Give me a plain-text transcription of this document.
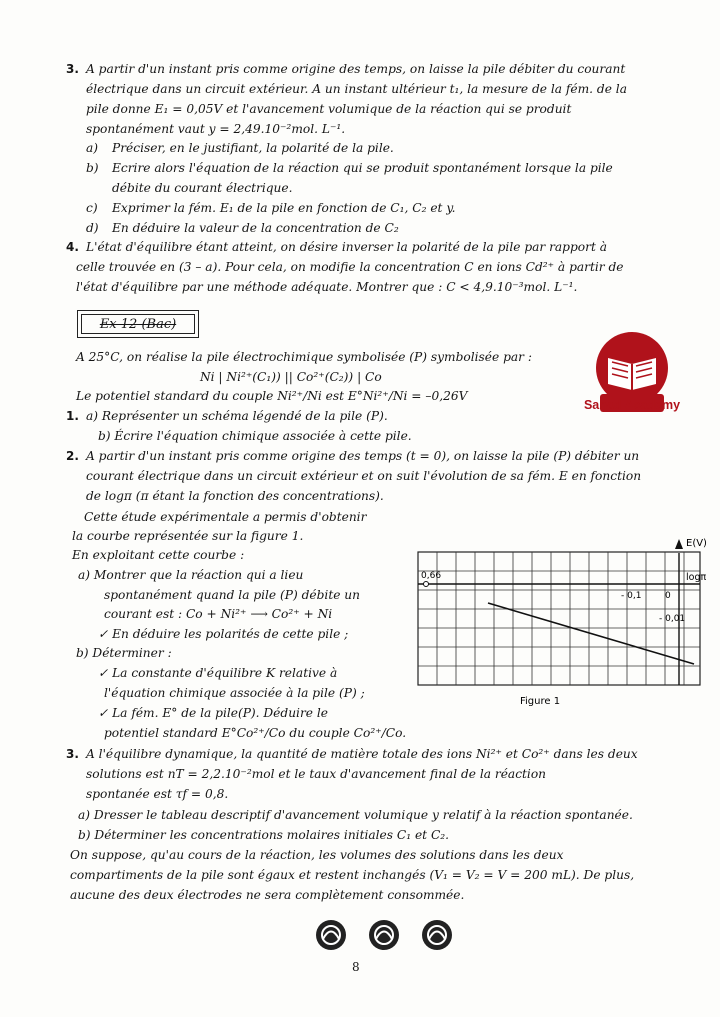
3. A partir d'un instant pris comme origine des temps, on laisse la pile débiter du courant
électrique dans un circuit extérieur. A un instant ultérieur t₁, la mesure de la fém. de la
pile donne E₁ = 0,05V et l'avancement volumique de la réaction qui se produit
spontanément vaut y = 2,49.10⁻²mol. L⁻¹.
a) Préciser, en le justifiant, la polarité de la pile.
b) Ecrire alors l'équation de la réaction qui se produit spontanément lorsque la pile
débite du courant électrique.
c) Exprimer la fém. E₁ de la pile en fonction de C₁, C₂ et y.
d) En déduire la valeur de la concentration de C₂
4. L'état d'équilibre étant atteint, on désire inverser la polarité de la pile par rapport à
celle trouvée en (3 – a). Pour cela, on modifie la concentration C en ions Cd²⁺ à partir de
l'état d'équilibre par une méthode adéquate. Montrer que : C < 4,9.10⁻³mol. L⁻¹.
Ex 12 (Bac)
Sanad Academy
A 25°C, on réalise la pile électrochimique symbolisée (P) symbolisée par :
Ni | Ni²⁺(C₁)) || Co²⁺(C₂)) | Co
Le potentiel standard du couple Ni²⁺/Ni est E°Ni²⁺/Ni = –0,26V
1. a) Représenter un schéma légendé de la pile (P).
b) Écrire l'équation chimique associée à cette pile.
2. A partir d'un instant pris comme origine des temps (t = 0), on laisse la pile (P) débiter un
courant électrique dans un circuit extérieur et on suit l'évolution de sa fém. E en fonction
de logπ (π étant la fonction des concentrations).
Cette étude expérimentale a permis d'obtenir
la courbe représentée sur la figure 1.
En exploitant cette courbe :
a) Montrer que la réaction qui a lieu
spontanément quand la pile (P) débite un
courant est : Co + Ni²⁺ ⟶ Co²⁺ + Ni
✓ En déduire les polarités de cette pile ;
b) Déterminer :
✓ La constante d'équilibre K relative à
l'équation chimique associée à la pile (P) ;
✓ La fém. E° de la pile(P). Déduire le
potentiel standard E°Co²⁺/Co du couple Co²⁺/Co.
E(V)
logπ
0,66
- 0,1	0
- 0,01
Figure 1
3. A l'équilibre dynamique, la quantité de matière totale des ions Ni²⁺ et Co²⁺ dans les deux
solutions est nT = 2,2.10⁻²mol et le taux d'avancement final de la réaction
spontanée est τf = 0,8.
a) Dresser le tableau descriptif d'avancement volumique y relatif à la réaction spontanée.
b) Déterminer les concentrations molaires initiales C₁ et C₂.
On suppose, qu'au cours de la réaction, les volumes des solutions dans les deux
compartiments de la pile sont égaux et restent inchangés (V₁ = V₂ = V = 200 mL). De plus,
aucune des deux électrodes ne sera complètement consommée.
8
